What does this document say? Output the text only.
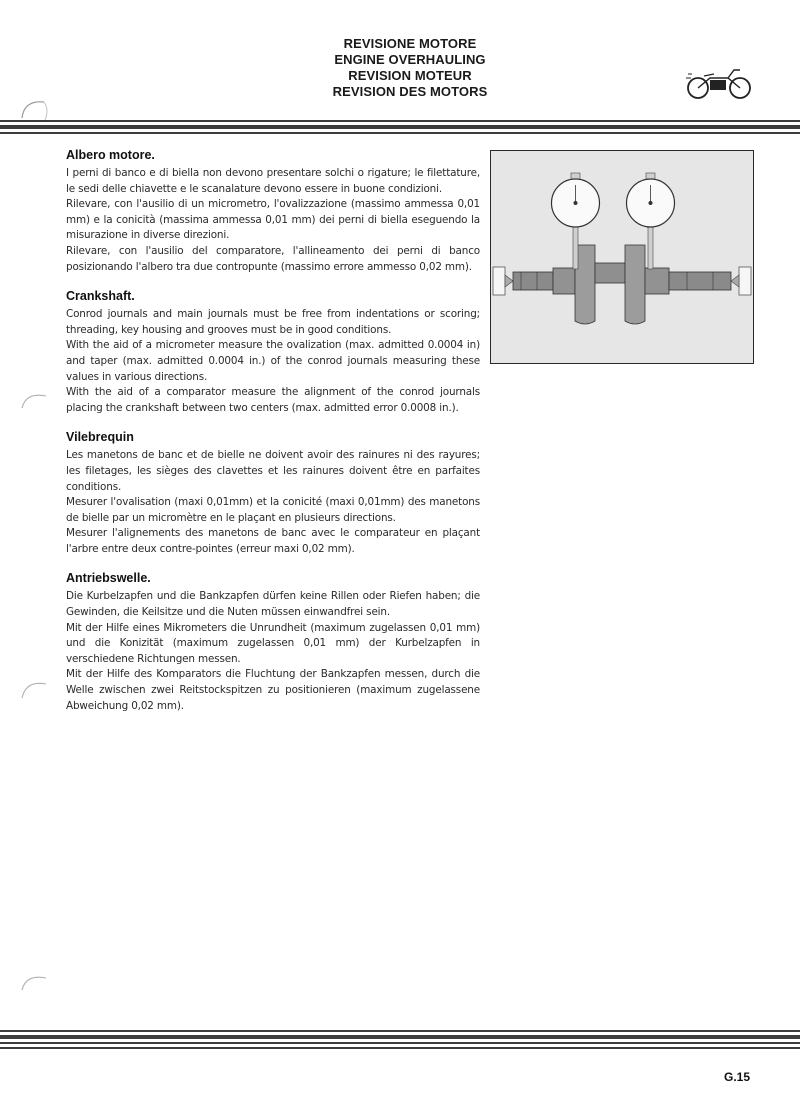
REVISIONE MOTORE
ENGINE OVERHAULING
REVISION MOTEUR
REVISION DES MOTORS
Albero motore.

I perni di banco e di biella non devono presentare solchi o rigature; le filettature, le sedi delle chiavette e le scanalature devono essere in buone condizioni.

Rilevare, con l'ausilio di un micrometro, l'ovalizzazione (massimo ammessa 0,01 mm) e la conicità (massima ammessa 0,01 mm) dei perni di biella eseguendo la misurazione in diverse direzioni.

Rilevare, con l'ausilio del comparatore, l'allineamento dei perni di banco posizionando l'albero tra due contropunte (massimo errore ammesso 0,02 mm).

Crankshaft.

Conrod journals and main journals must be free from indentations or scoring; threading, key housing and grooves must be in good conditions.

With the aid of a micrometer measure the ovalization (max. admitted 0.0004 in) and taper (max. admitted 0.0004 in.) of the conrod journals measuring these values in various directions.

With the aid of a comparator measure the alignment of the conrod journals placing the crankshaft between two centers (max. admitted error 0.0008 in.).

Vilebrequin

Les manetons de banc et de bielle ne doivent avoir des rainures ni des rayures; les filetages, les sièges des clavettes et les rainures doivent être en parfaites conditions.

Mesurer l'ovalisation (maxi 0,01mm) et la conicité (maxi 0,01mm) des manetons de bielle par un micromètre en le plaçant en plusieurs directions.

Mesurer l'alignements des manetons de banc avec le comparateur en plaçant l'arbre entre deux contre-pointes (erreur maxi 0,02 mm).

Antriebswelle.

Die Kurbelzapfen und die Bankzapfen dürfen keine Rillen oder Riefen haben; die Gewinden, die Keilsitze und die Nuten müssen einwandfrei sein.

Mit der Hilfe eines Mikrometers die Unrundheit (maximum zugelassen 0,01 mm) und die Konizität (maximum zugelassen 0,01 mm) der Kurbelzapfen in verschiedene Richtungen messen.

Mit der Hilfe des Komparators die Fluchtung der Bankzapfen messen, durch die Welle zwischen zwei Reitstockspitzen zu positionieren (maximum zugelassene Abweichung 0,02 mm).

G.15
